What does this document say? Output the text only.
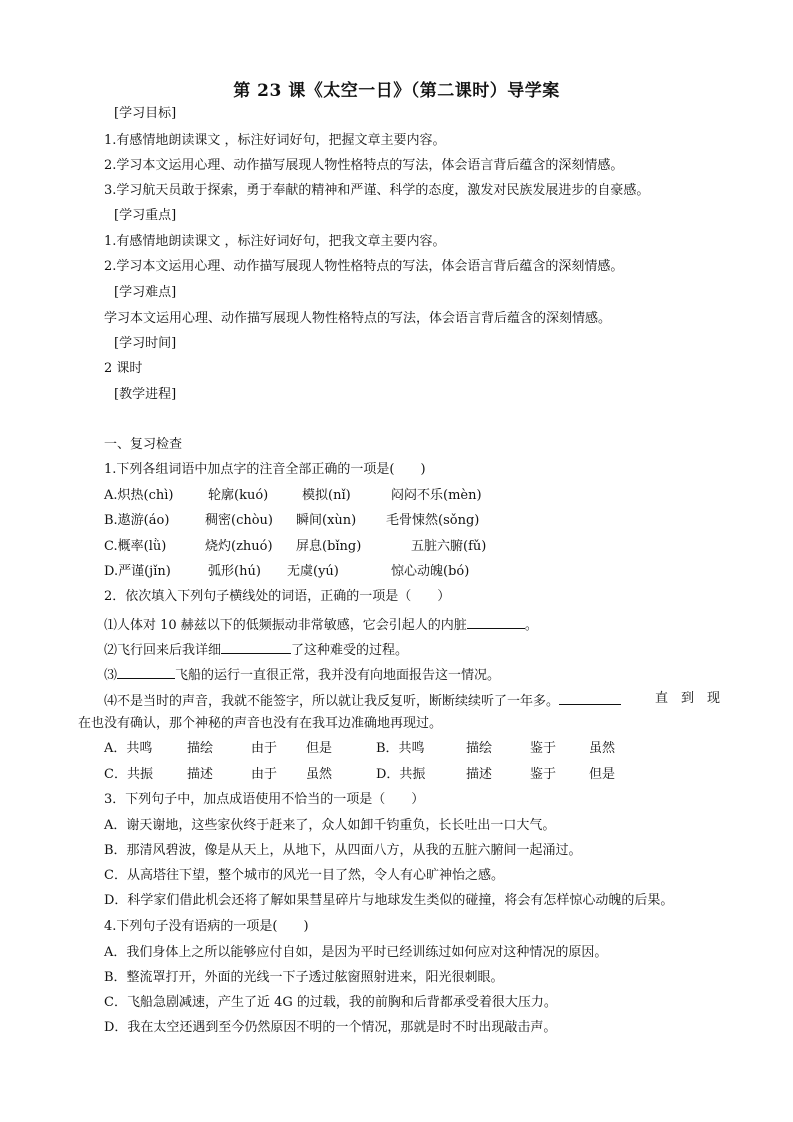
第 23 课《太空一日》（第二课时）导学案
[学习目标]
1.有感情地朗读课文 ，标注好词好句，把握文章主要内容。
2.学习本文运用心理、动作描写展现人物性格特点的写法，体会语言背后蕴含的深刻情感。
3.学习航天员敢于探索，勇于奉献的精神和严谨、科学的态度，激发对民族发展进步的自豪感。
[学习重点]
1.有感情地朗读课文 ，标注好词好句，把我文章主要内容。
2.学习本文运用心理、动作描写展现人物性格特点的写法，体会语言背后蕴含的深刻情感。
[学习难点]
学习本文运用心理、动作描写展现人物性格特点的写法，体会语言背后蕴含的深刻情感。
[学习时间]
2 课时
[教学进程]
一、复习检查
1.下列各组词语中加点字的注音全部正确的一项是(　　)
A.炽热(chì)	轮廓(kuó)	模拟(nǐ)	闷闷不乐(mèn)
B.遨游(áo)	稠密(chòu) 瞬间(xùn) 毛骨悚然(sǒng)
C.概率(lǜ)	烧灼(zhuó) 屏息(bǐng)	五脏六腑(fǔ)
D.严谨(jǐn)	弧形(hú) 无虞(yú)	惊心动魄(bó)
2．依次填入下列句子横线处的词语，正确的一项是（　　）
⑴人体对 10 赫兹以下的低频振动非常敏感，它会引起人的内脏	。
⑵飞行回来后我详细	了这种难受的过程。
⑶	飞船的运行一直很正常，我并没有向地面报告这一情况。
⑷不是当时的声音，我就不能签字，所以就让我反复听，断断续续听了一年多。	直　到　现
在也没有确认，那个神秘的声音也没有在我耳边准确地再现过。
A．共鸣	描绘	由于 但是	B．共鸣	描绘	鉴于	虽然
C．共振	描述	由于 虽然	D．共振	描述	鉴于	但是
3．下列句子中，加点成语使用不恰当的一项是（　　）
A．谢天谢地，这些家伙终于赶来了，众人如卸千钧重负，长长吐出一口大气。
B．那清风碧波，像是从天上，从地下，从四面八方，从我的五脏六腑间一起涌过。
C．从高塔往下望，整个城市的风光一目了然，令人有心旷神怡之感。
D．科学家们借此机会还将了解如果彗星碎片与地球发生类似的碰撞，将会有怎样惊心动魄的后果。
4.下列句子没有语病的一项是(　　)
A．我们身体上之所以能够应付自如，是因为平时已经训练过如何应对这种情况的原因。
B．整流罩打开，外面的光线一下子透过舷窗照射进来，阳光很刺眼。
C．飞船急剧减速，产生了近 4G 的过载，我的前胸和后背都承受着很大压力。
D．我在太空还遇到至今仍然原因不明的一个情况，那就是时不时出现敲击声。
